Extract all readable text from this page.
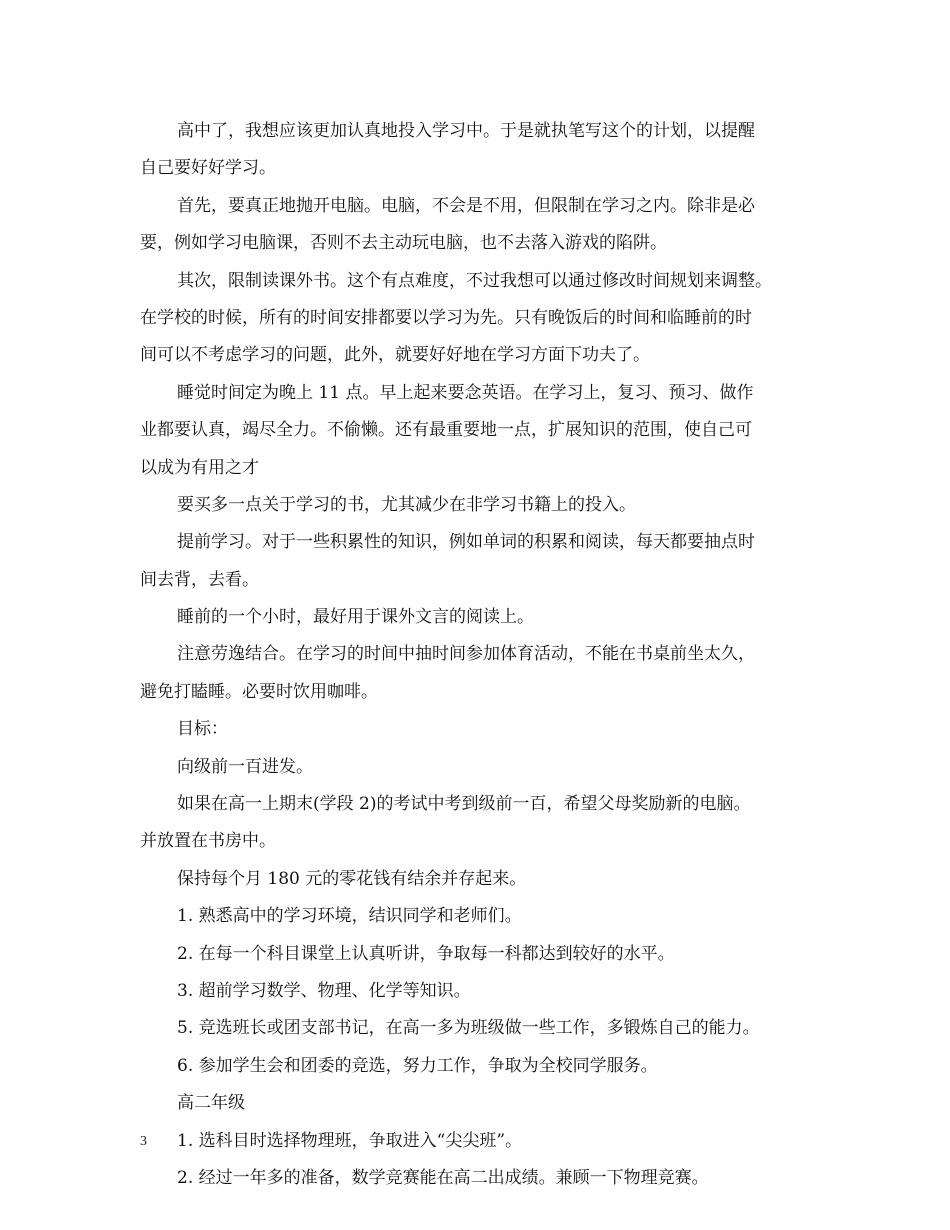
高中了，我想应该更加认真地投入学习中。于是就执笔写这个的计划，以提醒
自己要好好学习。
首先，要真正地抛开电脑。电脑，不会是不用，但限制在学习之内。除非是必
要，例如学习电脑课，否则不去主动玩电脑，也不去落入游戏的陷阱。
其次，限制读课外书。这个有点难度，不过我想可以通过修改时间规划来调整。
在学校的时候，所有的时间安排都要以学习为先。只有晚饭后的时间和临睡前的时
间可以不考虑学习的问题，此外，就要好好地在学习方面下功夫了。
睡觉时间定为晚上 11 点。早上起来要念英语。在学习上，复习、预习、做作
业都要认真，竭尽全力。不偷懒。还有最重要地一点，扩展知识的范围，使自己可
以成为有用之才
要买多一点关于学习的书，尤其减少在非学习书籍上的投入。
提前学习。对于一些积累性的知识，例如单词的积累和阅读，每天都要抽点时
间去背，去看。
睡前的一个小时，最好用于课外文言的阅读上。
注意劳逸结合。在学习的时间中抽时间参加体育活动，不能在书桌前坐太久，
避免打瞌睡。必要时饮用咖啡。
目标：
向级前一百进发。
如果在高一上期末(学段 2)的考试中考到级前一百，希望父母奖励新的电脑。
并放置在书房中。
保持每个月 180 元的零花钱有结余并存起来。
1. 熟悉高中的学习环境，结识同学和老师们。
2. 在每一个科目课堂上认真听讲，争取每一科都达到较好的水平。
3. 超前学习数学、物理、化学等知识。
5. 竞选班长或团支部书记，在高一多为班级做一些工作，多锻炼自己的能力。
6. 参加学生会和团委的竞选，努力工作，争取为全校同学服务。
高二年级
1. 选科目时选择物理班，争取进入“尖尖班”。
2. 经过一年多的准备，数学竞赛能在高二出成绩。兼顾一下物理竞赛。
3
